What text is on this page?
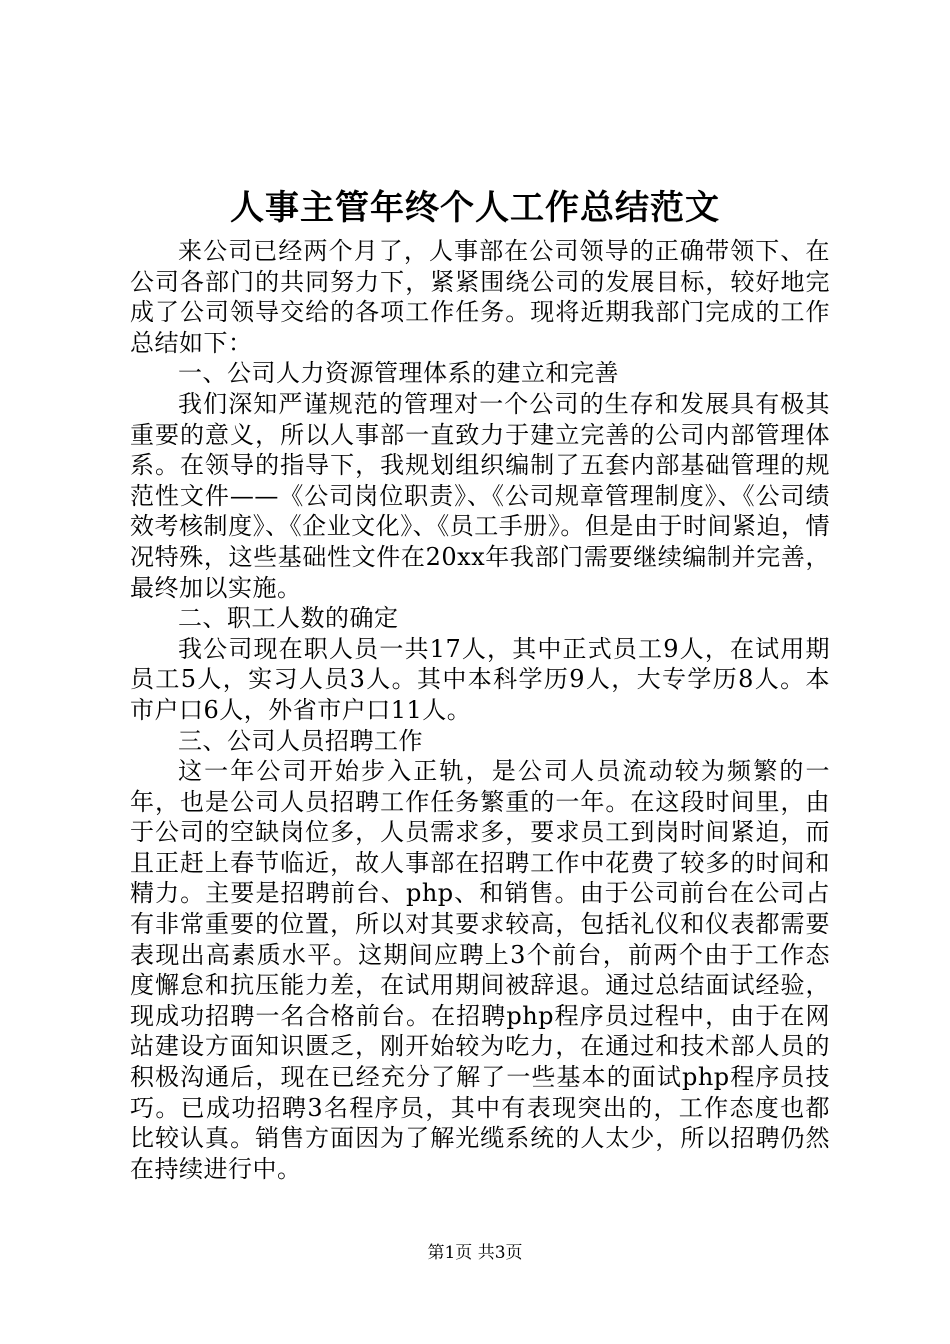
人事主管年终个人工作总结范文

来公司已经两个月了，人事部在公司领导的正确带领下、在公司各部门的共同努力下，紧紧围绕公司的发展目标，较好地完成了公司领导交给的各项工作任务。现将近期我部门完成的工作总结如下：

一、公司人力资源管理体系的建立和完善

我们深知严谨规范的管理对一个公司的生存和发展具有极其重要的意义，所以人事部一直致力于建立完善的公司内部管理体系。在领导的指导下，我规划组织编制了五套内部基础管理的规范性文件——《公司岗位职责》、《公司规章管理制度》、《公司绩效考核制度》、《企业文化》、《员工手册》。但是由于时间紧迫，情况特殊，这些基础性文件在20xx年我部门需要继续编制并完善，最终加以实施。

二、职工人数的确定

我公司现在职人员一共17人，其中正式员工9人，在试用期员工5人，实习人员3人。其中本科学历9人，大专学历8人。本市户口6人，外省市户口11人。

三、公司人员招聘工作

这一年公司开始步入正轨，是公司人员流动较为频繁的一年，也是公司人员招聘工作任务繁重的一年。在这段时间里，由于公司的空缺岗位多，人员需求多，要求员工到岗时间紧迫，而且正赶上春节临近，故人事部在招聘工作中花费了较多的时间和精力。主要是招聘前台、php、和销售。由于公司前台在公司占有非常重要的位置，所以对其要求较高，包括礼仪和仪表都需要表现出高素质水平。这期间应聘上3个前台，前两个由于工作态度懈怠和抗压能力差，在试用期间被辞退。通过总结面试经验，现成功招聘一名合格前台。在招聘php程序员过程中，由于在网站建设方面知识匮乏，刚开始较为吃力，在通过和技术部人员的积极沟通后，现在已经充分了解了一些基本的面试php程序员技巧。已成功招聘3名程序员，其中有表现突出的，工作态度也都比较认真。销售方面因为了解光缆系统的人太少，所以招聘仍然在持续进行中。

第1页 共3页
